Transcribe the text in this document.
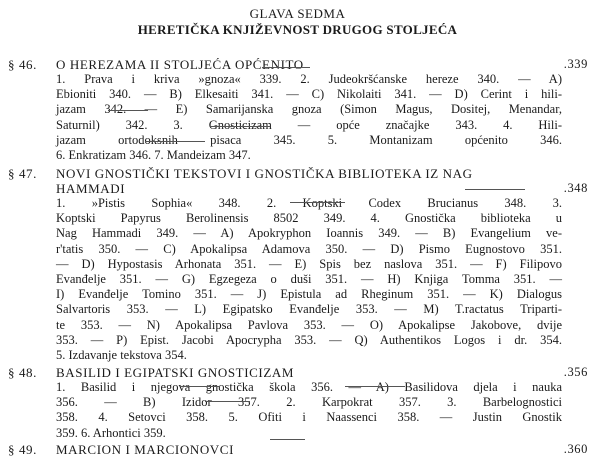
GLAVA SEDMA
HERETIČKA KNJIŽEVNOST DRUGOG STOLJEĆA
§ 46. O HEREZAMA II STOLJEĆA OPĆENITO	.339
1. Prava i kriva »gnoza« 339. 2. Judeokršćanske hereze 340. — A)
Ebioniti 340. — B) Elkesaiti 341. — C) Nikolaiti 341. — D) Cerint i hili-
jazam 342. — E) Samarijanska gnoza (Simon Magus, Dositej, Menandar,
Saturnil) 342. 3. Gnosticizam — opće značajke 343. 4. Hili-
jazam ortodoksnih pisaca 345. 5. Montanizam općenito 346.
6. Enkratizam 346. 7. Mandeizam 347.
§ 47. NOVI GNOSTIČKI TEKSTOVI I GNOSTIČKA BIBLIOTEKA IZ NAG
HAMMADI	.348
1. »Pistis Sophia« 348. 2. Koptski Codex Brucianus 348. 3.
Koptski Papyrus Berolinensis 8502 349. 4. Gnostička biblioteka u
Nag Hammadi 349. — A) Apokryphon Ioannis 349. — B) Evangelium ve-
r'tatis 350. — C) Apokalipsa Adamova 350. — D) Pismo Eugnostovo 351.
— D) Hypostasis Arhonata 351. — E) Spis bez naslova 351. — F) Filipovo
Evanđelje 351. — G) Egzegeza o duši 351. — H) Knjiga Tomma 351. —
I) Evanđelje Tomino 351. — J) Epistula ad Rheginum 351. — K) Dialogus
Salvartoris 353. — L) Egipatsko Evanđelje 353. — M) T.ractatus Triparti-
te 353. — N) Apokalipsa Pavlova 353. — O) Apokalipse Jakobove, dvije
353. — P) Epist. Jacobi Apocrypha 353. — Q) Authentikos Logos i dr. 354.
5. Izdavanje tekstova 354.
§ 48. BASILID I EGIPATSKI GNOSTICIZAM	.356
1. Basilid i njegova gnostička škola 356. — A) Basilidova djela i nauka
356. — B) Izidor 357. 2. Karpokrat 357. 3. Barbelognostici
358. 4. Setovci 358. 5. Ofiti i Naassenci 358. — Justin Gnostik
359. 6. Arhontici 359.
§ 49. MARCION I MARCIONOVCI	.360
